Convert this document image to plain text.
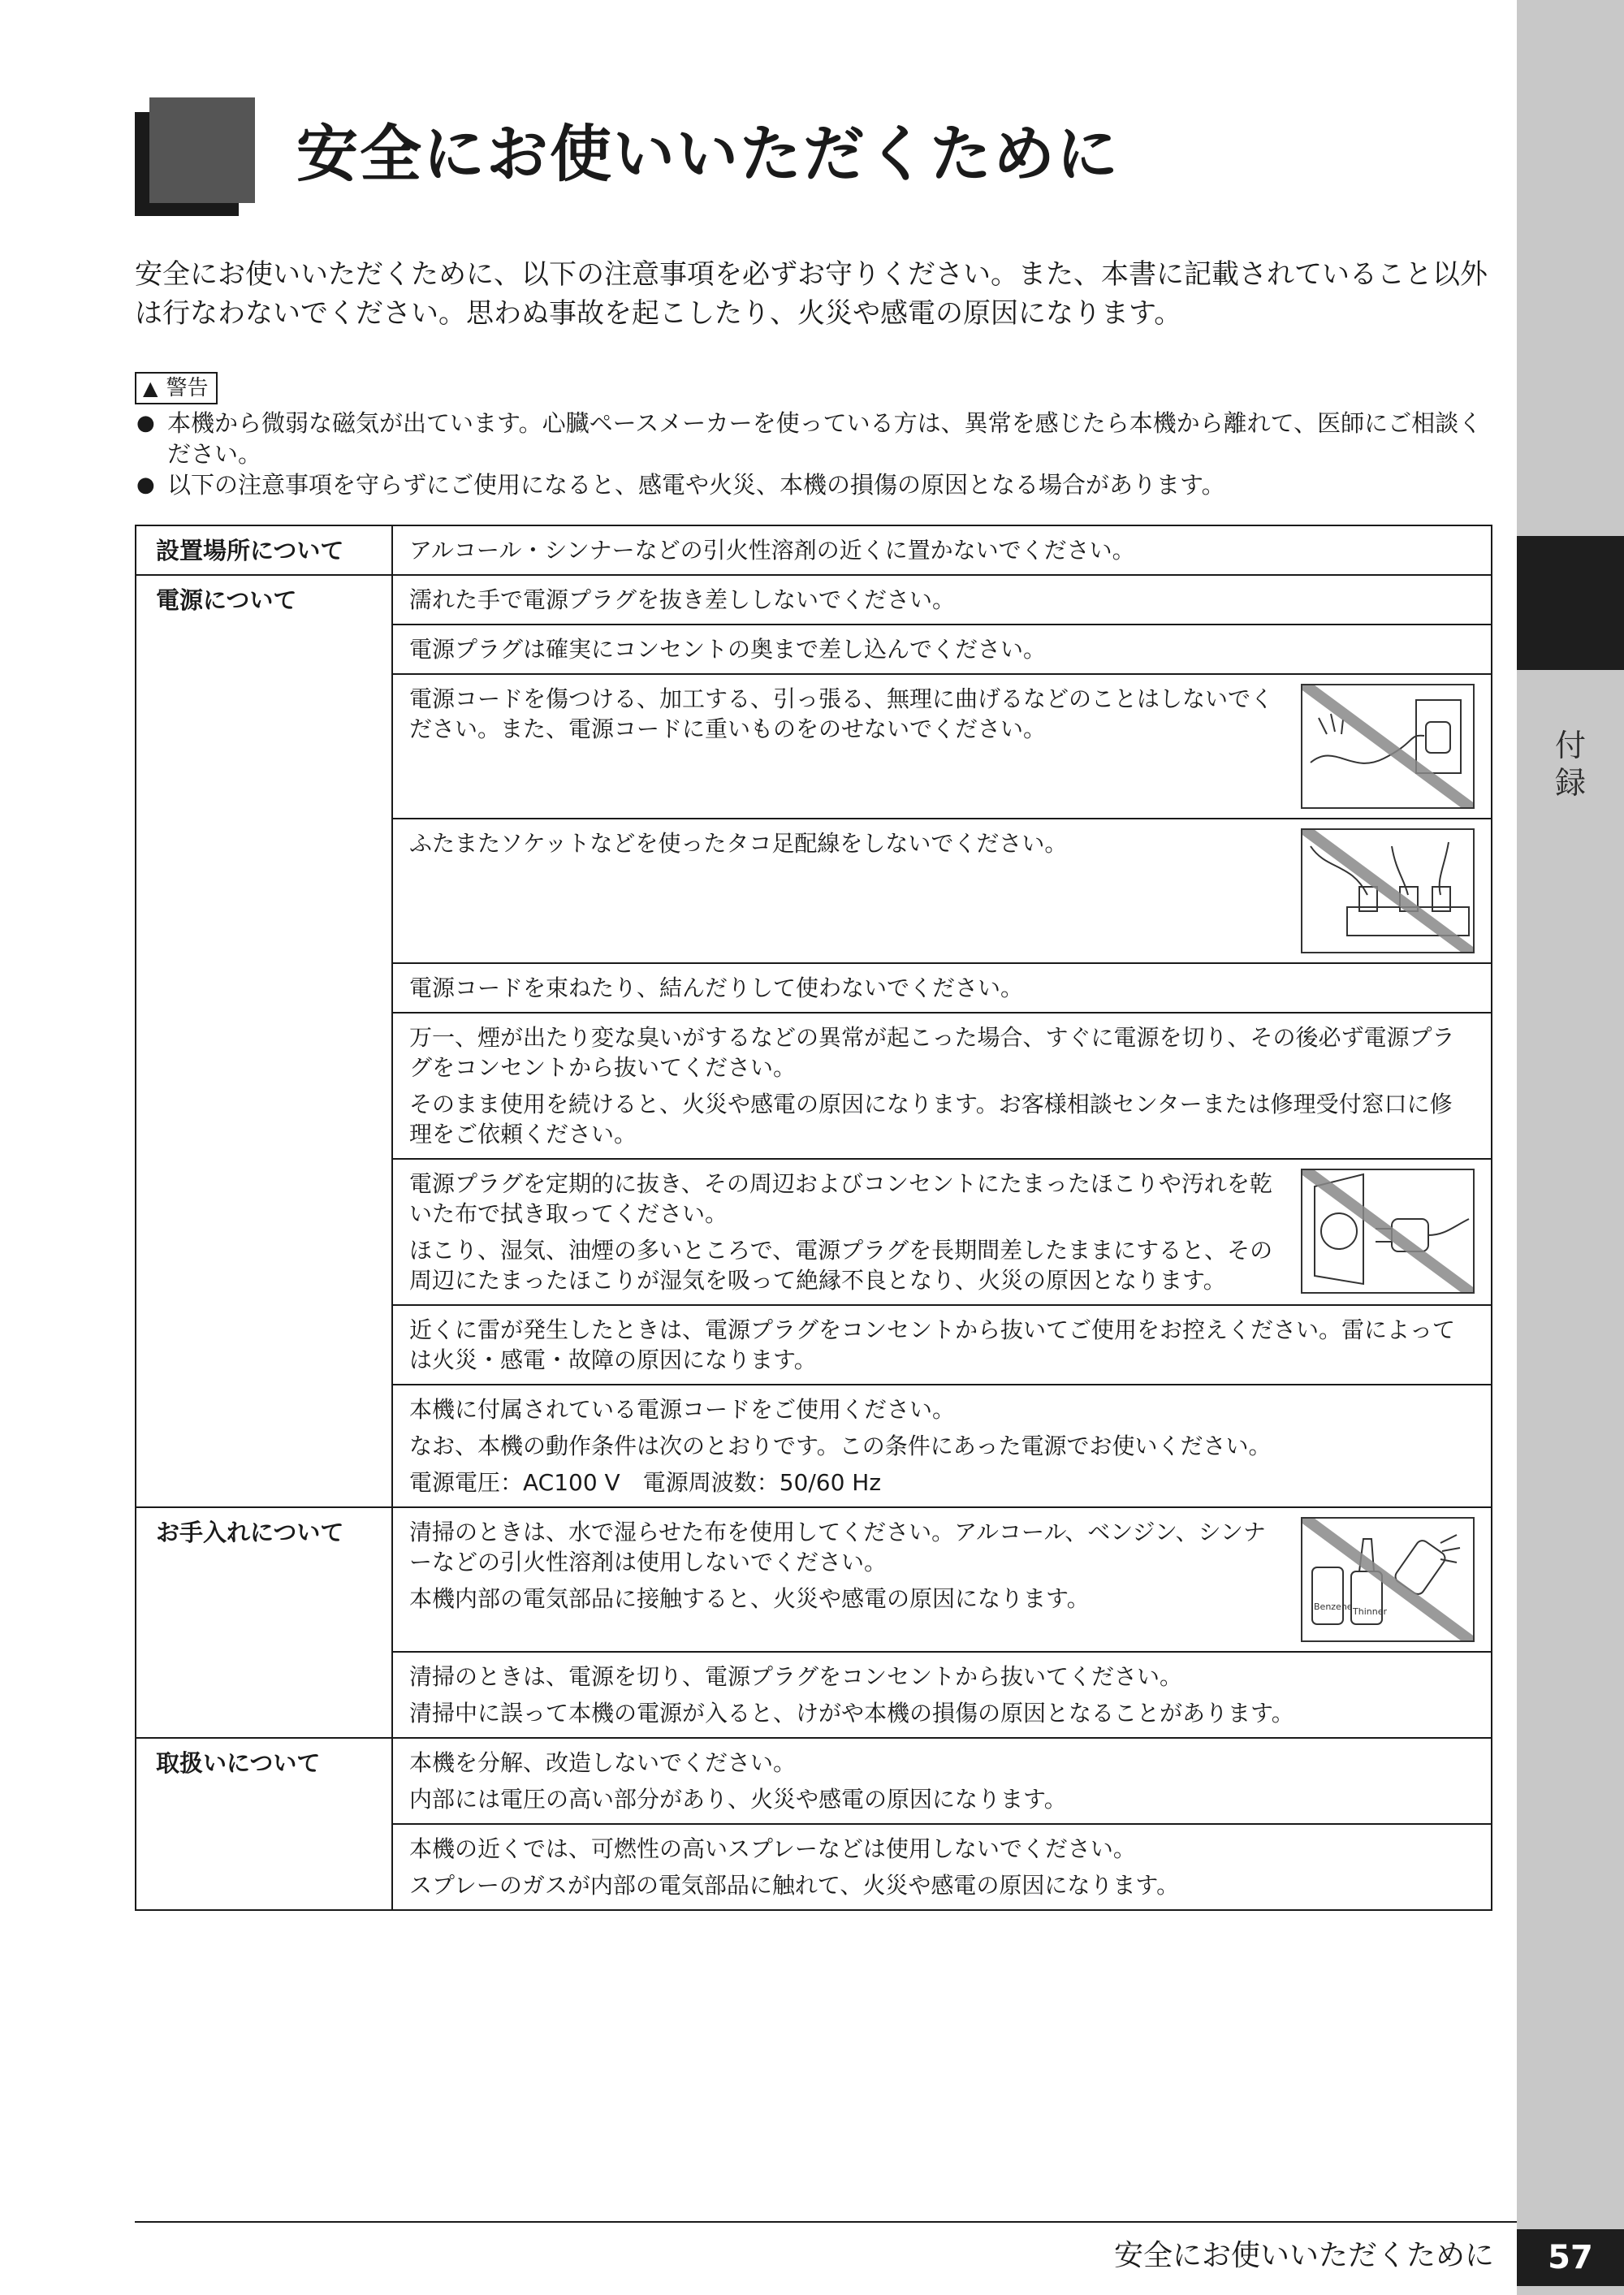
付
録
安全にお使いいただくために
安全にお使いいただくために、以下の注意事項を必ずお守りください。また、本書に記載されていること以外は行なわないでください。思わぬ事故を起こしたり、火災や感電の原因になります。
▲ 警告
● 本機から微弱な磁気が出ています。心臓ペースメーカーを使っている方は、異常を感じたら本機から離れて、医師にご相談ください。
● 以下の注意事項を守らずにご使用になると、感電や火災、本機の損傷の原因となる場合があります。
設置場所について	アルコール・シンナーなどの引火性溶剤の近くに置かないでください。

電源について	濡れた手で電源プラグを抜き差ししないでください。

電源プラグは確実にコンセントの奥まで差し込んでください。

電源コードを傷つける、加工する、引っ張る、無理に曲げるなどのことはしないでください。また、電源コードに重いものをのせないでください。

ふたまたソケットなどを使ったタコ足配線をしないでください。

電源コードを束ねたり、結んだりして使わないでください。

万一、煙が出たり変な臭いがするなどの異常が起こった場合、すぐに電源を切り、その後必ず電源プラグをコンセントから抜いてください。

そのまま使用を続けると、火災や感電の原因になります。お客様相談センターまたは修理受付窓口に修理をご依頼ください。

電源プラグを定期的に抜き、その周辺およびコンセントにたまったほこりや汚れを乾いた布で拭き取ってください。

ほこり、湿気、油煙の多いところで、電源プラグを長期間差したままにすると、その周辺にたまったほこりが湿気を吸って絶縁不良となり、火災の原因となります。

近くに雷が発生したときは、電源プラグをコンセントから抜いてご使用をお控えください。雷によっては火災・感電・故障の原因になります。

本機に付属されている電源コードをご使用ください。

なお、本機の動作条件は次のとおりです。この条件にあった電源でお使いください。

電源電圧：AC100 V　電源周波数：50/60 Hz

お手入れについて	清掃のときは、水で湿らせた布を使用してください。アルコール、ベンジン、シンナーなどの引火性溶剤は使用しないでください。

本機内部の電気部品に接触すると、火災や感電の原因になります。	Benzene Thinner

清掃のときは、電源を切り、電源プラグをコンセントから抜いてください。

清掃中に誤って本機の電源が入ると、けがや本機の損傷の原因となることがあります。

取扱いについて	本機を分解、改造しないでください。

内部には電圧の高い部分があり、火災や感電の原因になります。

本機の近くでは、可燃性の高いスプレーなどは使用しないでください。

スプレーのガスが内部の電気部品に触れて、火災や感電の原因になります。

安全にお使いいただくために	57
